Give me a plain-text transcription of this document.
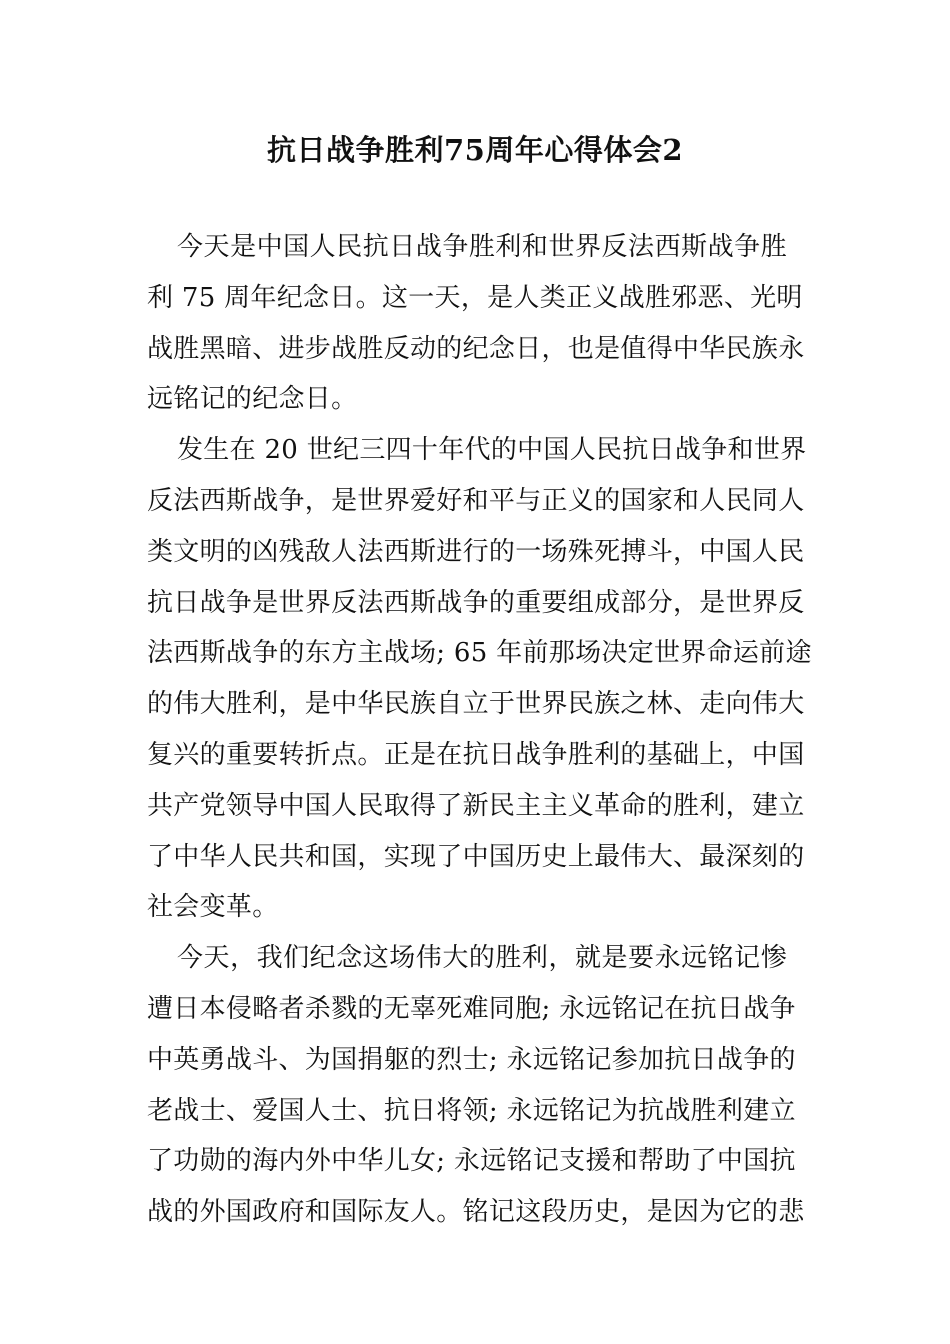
抗日战争胜利75周年心得体会2
今天是中国人民抗日战争胜利和世界反法西斯战争胜
利 75 周年纪念日。这一天，是人类正义战胜邪恶、光明
战胜黑暗、进步战胜反动的纪念日，也是值得中华民族永
远铭记的纪念日。
发生在 20 世纪三四十年代的中国人民抗日战争和世界
反法西斯战争，是世界爱好和平与正义的国家和人民同人
类文明的凶残敌人法西斯进行的一场殊死搏斗，中国人民
抗日战争是世界反法西斯战争的重要组成部分，是世界反
法西斯战争的东方主战场; 65 年前那场决定世界命运前途
的伟大胜利，是中华民族自立于世界民族之林、走向伟大
复兴的重要转折点。正是在抗日战争胜利的基础上，中国
共产党领导中国人民取得了新民主主义革命的胜利，建立
了中华人民共和国，实现了中国历史上最伟大、最深刻的
社会变革。
今天，我们纪念这场伟大的胜利，就是要永远铭记惨
遭日本侵略者杀戮的无辜死难同胞; 永远铭记在抗日战争
中英勇战斗、为国捐躯的烈士; 永远铭记参加抗日战争的
老战士、爱国人士、抗日将领; 永远铭记为抗战胜利建立
了功勋的海内外中华儿女; 永远铭记支援和帮助了中国抗
战的外国政府和国际友人。铭记这段历史，是因为它的悲
